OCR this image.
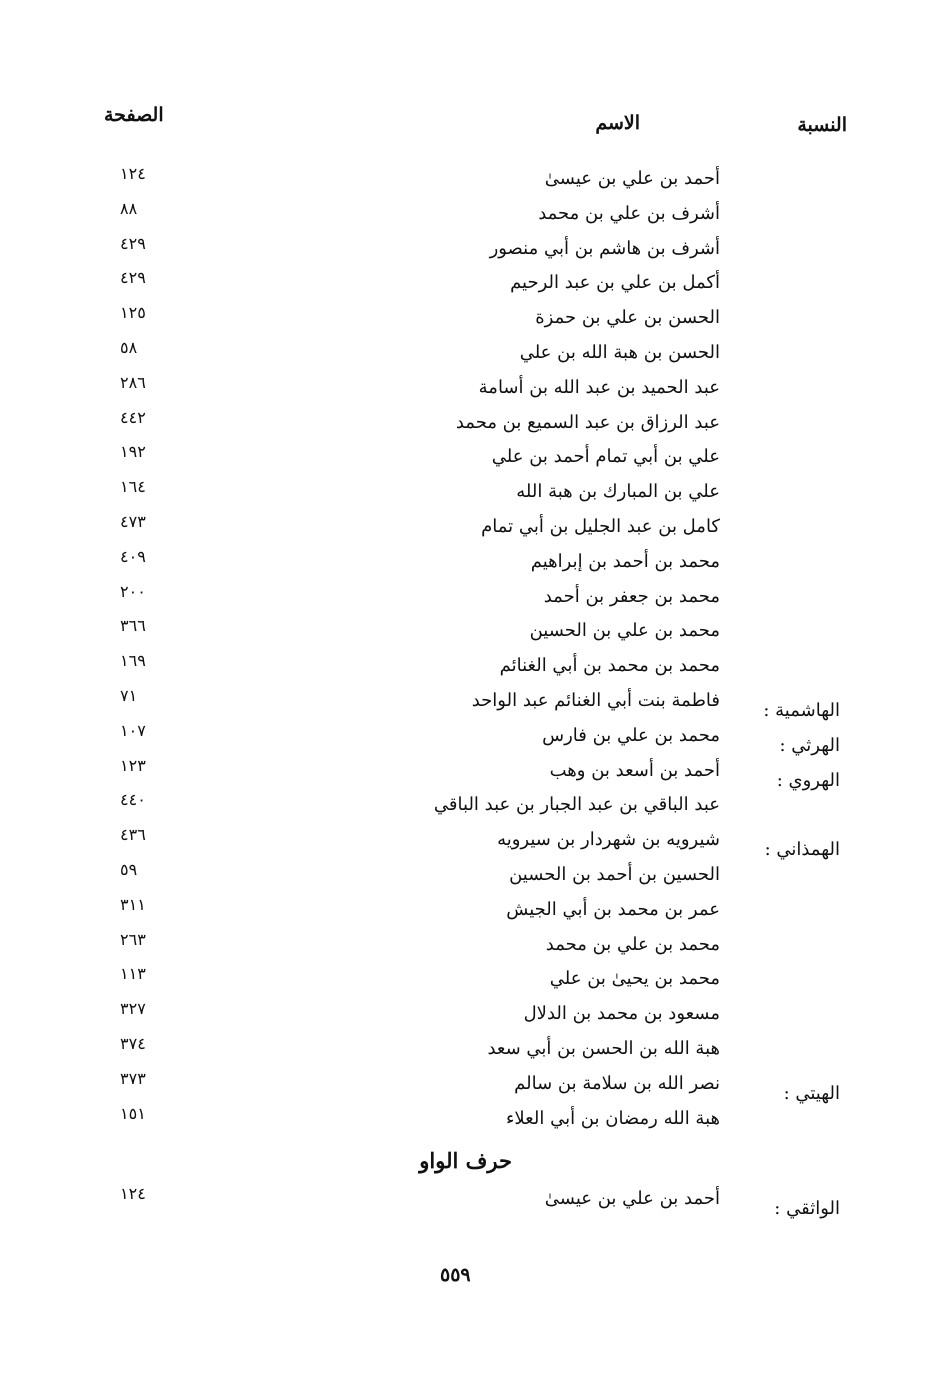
النسبة
الاسم
الصفحة
أحمد بن علي بن عيسىٰ
١٢٤
أشرف بن علي بن محمد
٨٨
أشرف بن هاشم بن أبي منصور
٤٢٩
أكمل بن علي بن عبد الرحيم
٤٢٩
الحسن بن علي بن حمزة
١٢٥
الحسن بن هبة الله بن علي
٥٨
عبد الحميد بن عبد الله بن أسامة
٢٨٦
عبد الرزاق بن عبد السميع بن محمد
٤٤٢
علي بن أبي تمام أحمد بن علي
١٩٢
علي بن المبارك بن هبة الله
١٦٤
كامل بن عبد الجليل بن أبي تمام
٤٧٣
محمد بن أحمد بن إبراهيم
٤٠٩
محمد بن جعفر بن أحمد
٢٠٠
محمد بن علي بن الحسين
٣٦٦
محمد بن محمد بن أبي الغنائم
١٦٩
الهاشمية :
فاطمة بنت أبي الغنائم عبد الواحد
٧١
الهرثي :
محمد بن علي بن فارس
١٠٧
الهروي :
أحمد بن أسعد بن وهب
١٢٣
عبد الباقي بن عبد الجبار بن عبد الباقي
٤٤٠
الهمذاني :
شيرويه بن شهردار بن سيرويه
٤٣٦
الحسين بن أحمد بن الحسين
٥٩
عمر بن محمد بن أبي الجيش
٣١١
محمد بن علي بن محمد
٢٦٣
محمد بن يحيىٰ بن علي
١١٣
مسعود بن محمد بن الدلال
٣٢٧
هبة الله بن الحسن بن أبي سعد
٣٧٤
الهيتي :
نصر الله بن سلامة بن سالم
٣٧٣
هبة الله رمضان بن أبي العلاء
١٥١
حرف الواو
الواثقي :
أحمد بن علي بن عيسىٰ
١٢٤
٥٥٩
